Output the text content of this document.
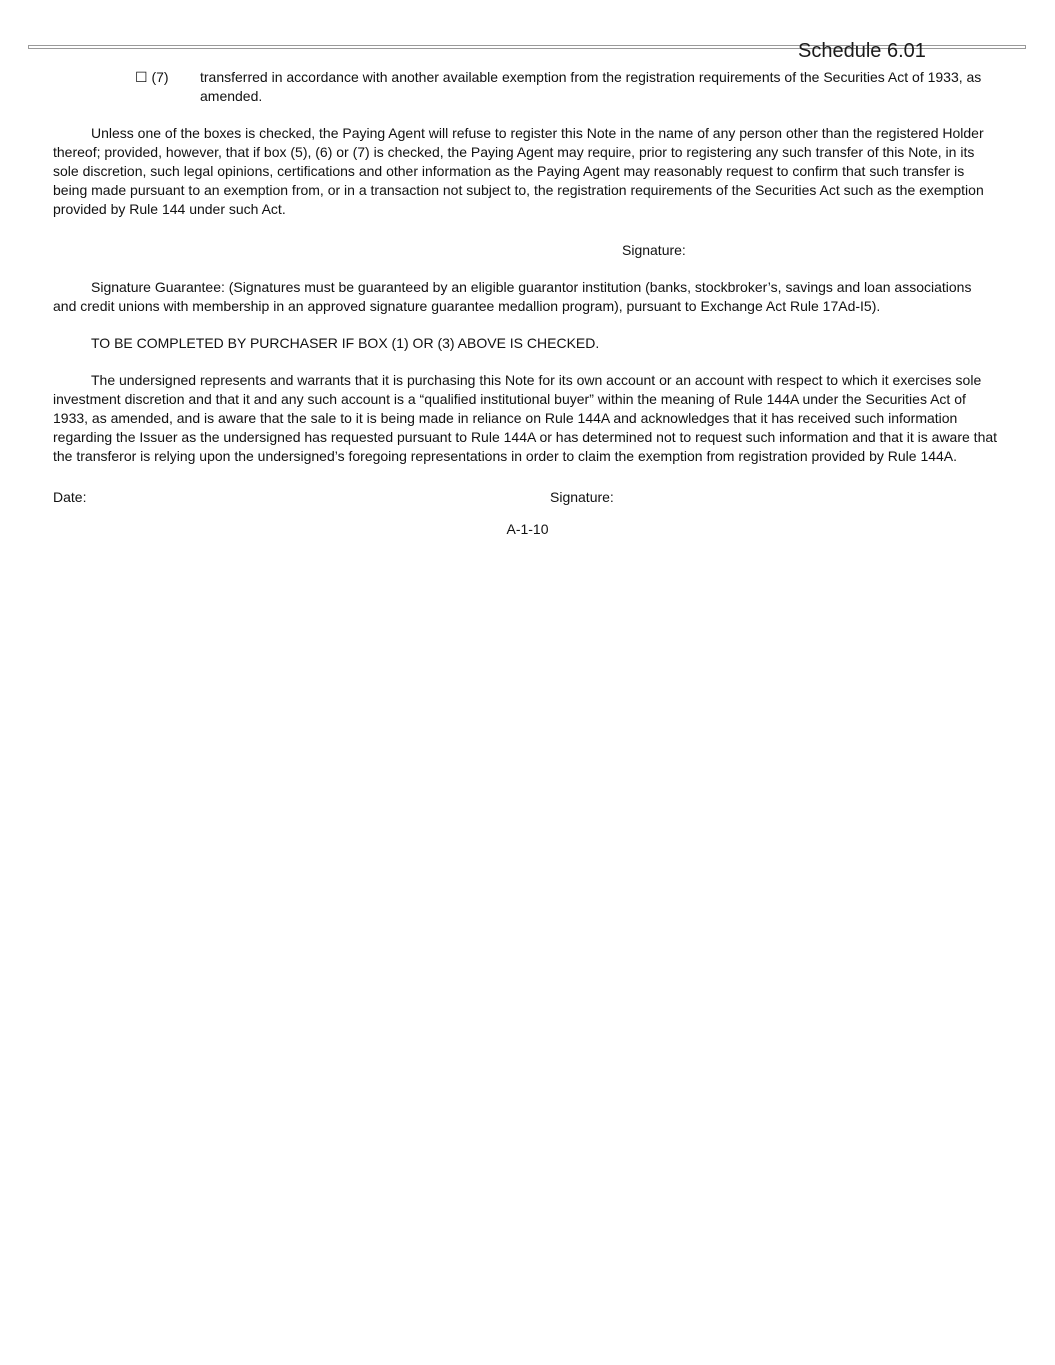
Schedule 6.01
☐ (7)	transferred in accordance with another available exemption from the registration requirements of the Securities Act of 1933, as amended.

Unless one of the boxes is checked, the Paying Agent will refuse to register this Note in the name of any person other than the registered Holder thereof; provided, however, that if box (5), (6) or (7) is checked, the Paying Agent may require, prior to registering any such transfer of this Note, in its sole discretion, such legal opinions, certifications and other information as the Paying Agent may reasonably request to confirm that such transfer is being made pursuant to an exemption from, or in a transaction not subject to, the registration requirements of the Securities Act such as the exemption provided by Rule 144 under such Act.

Signature:

Signature Guarantee: (Signatures must be guaranteed by an eligible guarantor institution (banks, stockbroker’s, savings and loan associations and credit unions with membership in an approved signature guarantee medallion program), pursuant to Exchange Act Rule 17Ad-I5).

TO BE COMPLETED BY PURCHASER IF BOX (1) OR (3) ABOVE IS CHECKED.

The undersigned represents and warrants that it is purchasing this Note for its own account or an account with respect to which it exercises sole investment discretion and that it and any such account is a “qualified institutional buyer” within the meaning of Rule 144A under the Securities Act of 1933, as amended, and is aware that the sale to it is being made in reliance on Rule 144A and acknowledges that it has received such information regarding the Issuer as the undersigned has requested pursuant to Rule 144A or has determined not to request such information and that it is aware that the transferor is relying upon the undersigned’s foregoing representations in order to claim the exemption from registration provided by Rule 144A.

Date:	Signature:
A-1-10
